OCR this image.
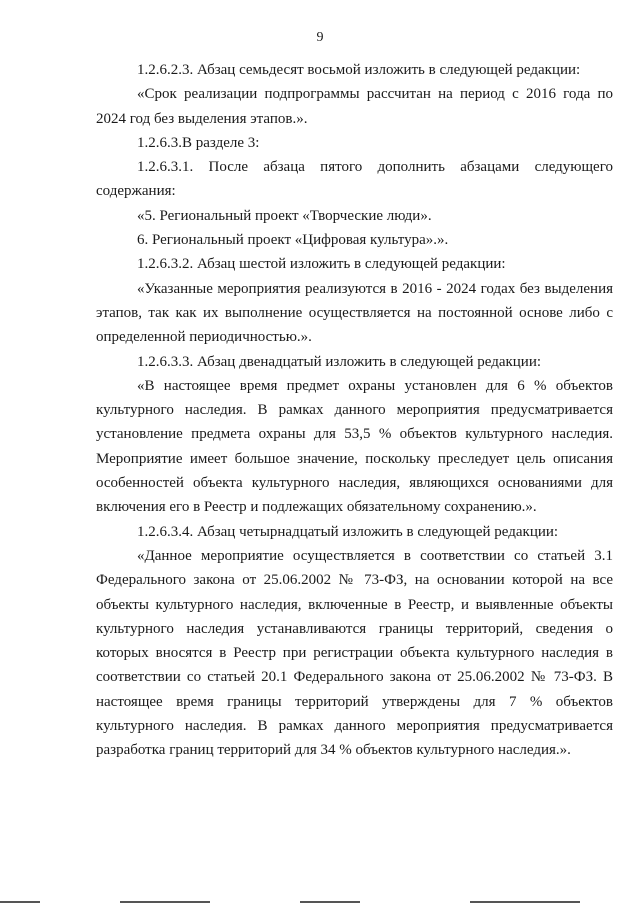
9

1.2.6.2.3. Абзац семьдесят восьмой изложить в следующей редакции:

«Срок реализации подпрограммы рассчитан на период с 2016 года по 2024 год без выделения этапов.».

1.2.6.3.В разделе 3:

1.2.6.3.1. После абзаца пятого дополнить абзацами следующего содержания:

«5. Региональный проект «Творческие люди».

6. Региональный проект «Цифровая культура».».

1.2.6.3.2. Абзац шестой изложить в следующей редакции:

«Указанные мероприятия реализуются в 2016 - 2024 годах без выделения этапов, так как их выполнение осуществляется на постоянной основе либо с определенной периодичностью.».

1.2.6.3.3. Абзац двенадцатый изложить в следующей редакции:

«В настоящее время предмет охраны установлен для 6 % объектов культурного наследия. В рамках данного мероприятия предусматривается установление предмета охраны для 53,5 % объектов культурного наследия. Мероприятие имеет большое значение, поскольку преследует цель описания особенностей объекта культурного наследия, являющихся основаниями для включения его в Реестр и подлежащих обязательному сохранению.».

1.2.6.3.4. Абзац четырнадцатый изложить в следующей редакции:

«Данное мероприятие осуществляется в соответствии со статьей 3.1 Федерального закона от 25.06.2002 № 73-ФЗ, на основании которой на все объекты культурного наследия, включенные в Реестр, и выявленные объекты культурного наследия устанавливаются границы территорий, сведения о которых вносятся в Реестр при регистрации объекта культурного наследия в соответствии со статьей 20.1 Федерального закона от 25.06.2002 № 73-ФЗ. В настоящее время границы территорий утверждены для 7 % объектов культурного наследия. В рамках данного мероприятия предусматривается разработка границ территорий для 34 % объектов культурного наследия.».
